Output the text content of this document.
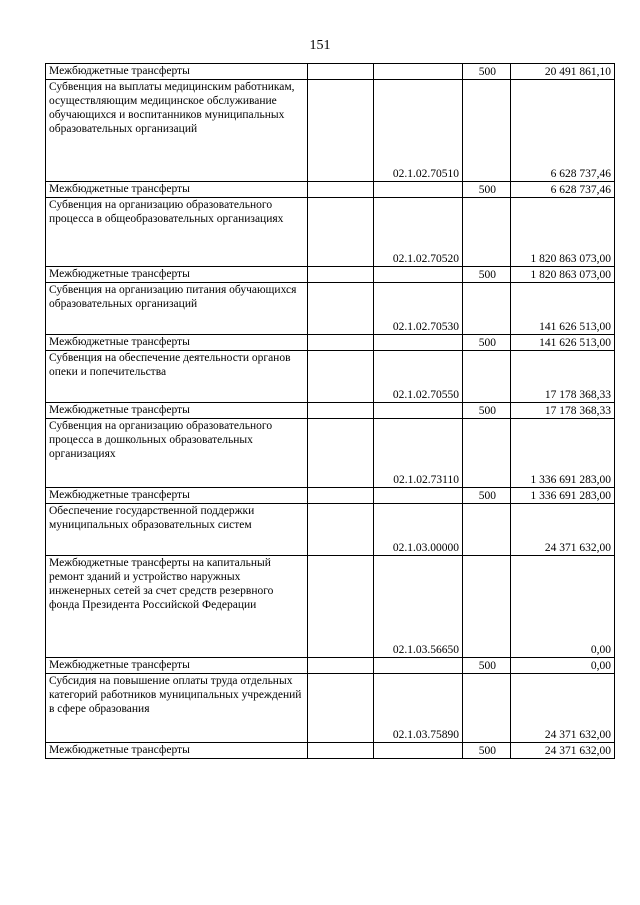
151
Межбюджетные трансферты			500	20 491 861,10
Субвенция на выплаты медицинским работникам, осуществляющим медицинское обслуживание обучающихся и воспитанников муниципальных образовательных организаций		02.1.02.70510		6 628 737,46
Межбюджетные трансферты			500	6 628 737,46
Субвенция на организацию образовательного процесса в общеобразовательных организациях		02.1.02.70520		1 820 863 073,00
Межбюджетные трансферты			500	1 820 863 073,00
Субвенция на организацию питания обучающихся образовательных организаций		02.1.02.70530		141 626 513,00
Межбюджетные трансферты			500	141 626 513,00
Субвенция на обеспечение деятельности органов опеки и попечительства		02.1.02.70550		17 178 368,33
Межбюджетные трансферты			500	17 178 368,33
Субвенция на организацию образовательного процесса в дошкольных образовательных организациях		02.1.02.73110		1 336 691 283,00
Межбюджетные трансферты			500	1 336 691 283,00
Обеспечение государственной поддержки муниципальных образовательных систем		02.1.03.00000		24 371 632,00
Межбюджетные трансферты на капитальный ремонт зданий и устройство наружных инженерных сетей за счет средств резервного фонда Президента Российской Федерации		02.1.03.56650		0,00
Межбюджетные трансферты			500	0,00
Субсидия на повышение оплаты труда отдельных категорий работников муниципальных учреждений в сфере образования		02.1.03.75890		24 371 632,00
Межбюджетные трансферты			500	24 371 632,00
